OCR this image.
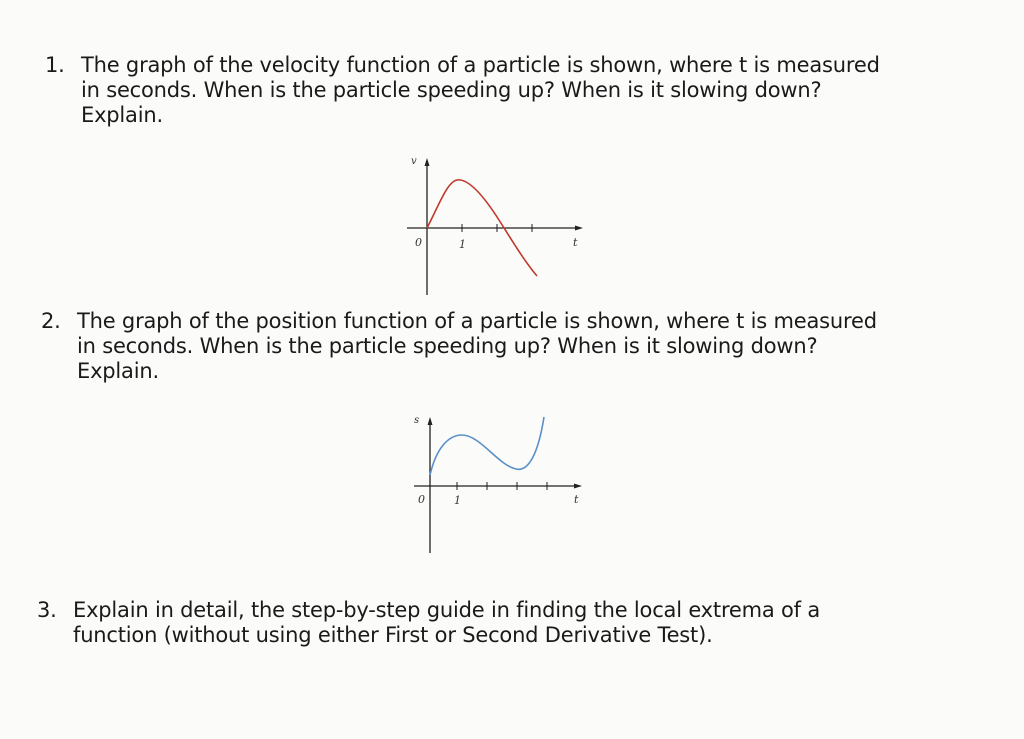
1. The graph of the velocity function of a particle is shown, where t is measured
in seconds. When is the particle speeding up? When is it slowing down?
Explain.
v
0	1	t
2. The graph of the position function of a particle is shown, where t is measured
in seconds. When is the particle speeding up? When is it slowing down?
Explain.
s
0	1	t
3. Explain in detail, the step-by-step guide in finding the local extrema of a
function (without using either First or Second Derivative Test).
